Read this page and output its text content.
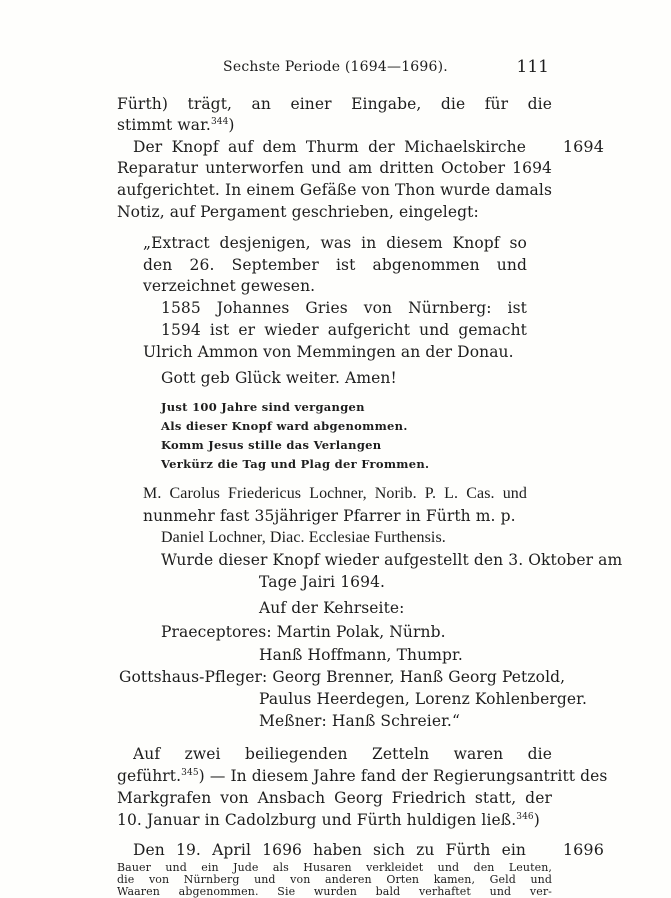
Sechste Periode (1694—1696).	111
Fürth) trägt, an einer Eingabe, die für die
stimmt war.$^{344}$)
Der Knopf auf dem Thurm der Michaelskirche 1694
Reparatur unterworfen und am dritten October 1694
aufgerichtet. In einem Gefäße von Thon wurde damals
Notiz, auf Pergament geschrieben, eingelegt:
„Extract desjenigen, was in diesem Knopf so
den 26. September ist abgenommen und
verzeichnet gewesen.
1585 Johannes Gries von Nürnberg: ist
1594 ist er wieder aufgericht und gemacht
Ulrich Ammon von Memmingen an der Donau.
Gott geb Glück weiter. Amen!
Just 100 Jahre sind vergangen
Als dieser Knopf ward abgenommen.
Komm Jesus stille das Verlangen
Verkürz die Tag und Plag der Frommen.
M. Carolus Friedericus Lochner, Norib. P. L. Cas. und
nunmehr fast 35jähriger Pfarrer in Fürth m. p.
Daniel Lochner, Diac. Ecclesiae Furthensis.
Wurde dieser Knopf wieder aufgestellt den 3. Oktober am
Tage Jairi 1694.
Auf der Kehrseite:
Praeceptores: Martin Polak, Nürnb.
Hanß Hoffmann, Thumpr.
Gottshaus-Pfleger: Georg Brenner, Hanß Georg Petzold,
Paulus Heerdegen, Lorenz Kohlenberger.
Meßner: Hanß Schreier.“
Auf zwei beiliegenden Zetteln waren die
geführt.$^{345}$) — In diesem Jahre fand der Regierungsantritt des
Markgrafen von Ansbach Georg Friedrich statt, der
10. Januar in Cadolzburg und Fürth huldigen ließ.$^{346}$)
Den 19. April 1696 haben sich zu Fürth ein 1696
Bauer und ein Jude als Husaren verkleidet und den Leuten,
die von Nürnberg und von anderen Orten kamen, Geld und
Waaren abgenommen. Sie wurden bald verhaftet und ver-
